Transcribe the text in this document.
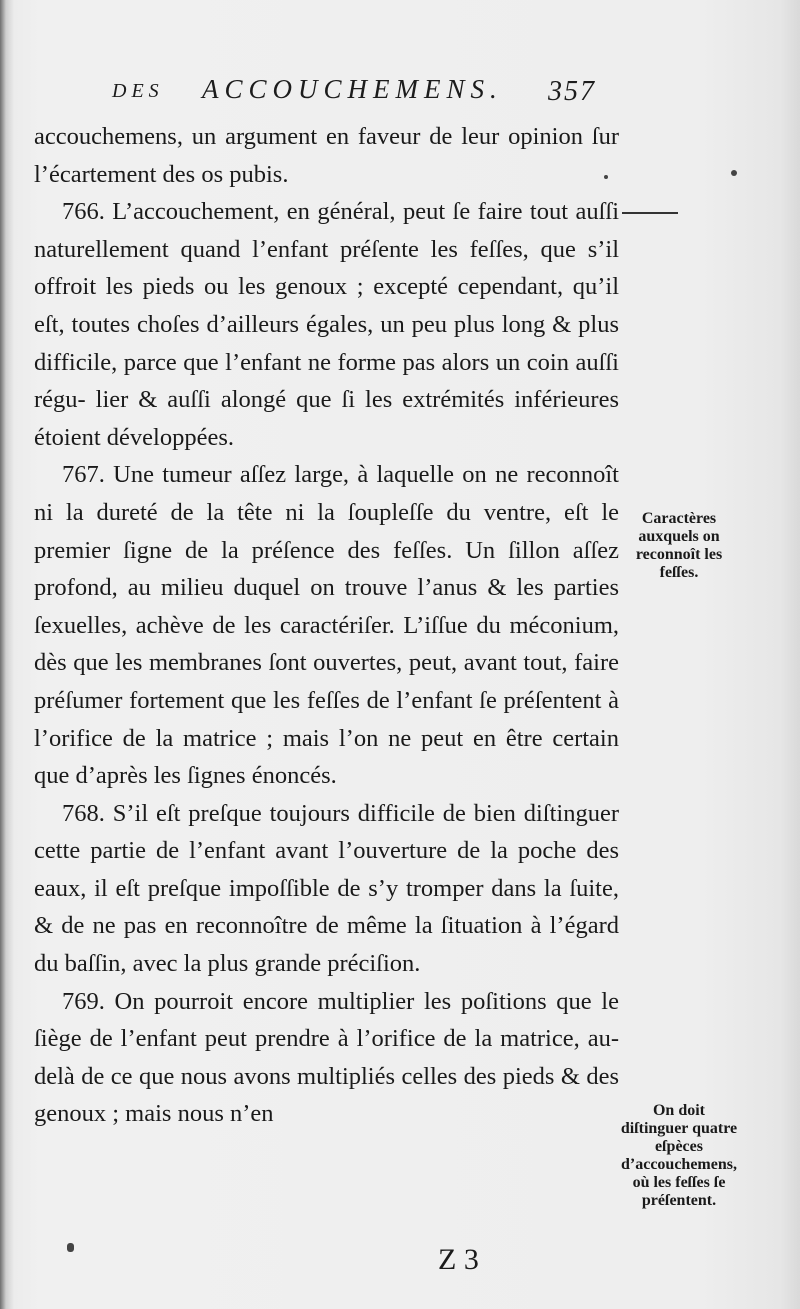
DES ACCOUCHEMENS. 357

accouchemens, un argument en faveur de leur opinion ſur l’écartement des os pubis.

766. L’accouchement, en général, peut ſe faire tout auſſi naturellement quand l’enfant préſente les feſſes, que s’il offroit les pieds ou les genoux ; excepté cependant, qu’il eſt, toutes choſes d’ailleurs égales, un peu plus long & plus difficile, parce que l’enfant ne forme pas alors un coin auſſi régu- lier & auſſi alongé que ſi les extrémités inférieures étoient développées.

767. Une tumeur aſſez large, à laquelle on ne reconnoît ni la dureté de la tête ni la ſoupleſſe du ventre, eſt le premier ſigne de la préſence des feſſes. Un ſillon aſſez profond, au milieu duquel on trouve l’anus & les parties ſexuelles, achève de les caractériſer. L’iſſue du méconium, dès que les membranes ſont ouvertes, peut, avant tout, faire préſumer fortement que les feſſes de l’enfant ſe préſentent à l’orifice de la matrice ; mais l’on ne peut en être certain que d’après les ſignes énoncés.

768. S’il eſt preſque toujours difficile de bien diſtinguer cette partie de l’enfant avant l’ouverture de la poche des eaux, il eſt preſque impoſſible de s’y tromper dans la ſuite, & de ne pas en reconnoître de même la ſituation à l’égard du baſſin, avec la plus grande préciſion.

769. On pourroit encore multiplier les poſitions que le ſiège de l’enfant peut prendre à l’orifice de la matrice, au-delà de ce que nous avons multipliés celles des pieds & des genoux ; mais nous n’en

Caractères auxquels on reconnoît les feſſes.
On doit diſtinguer quatre eſpèces d’accouchemens, où les feſſes ſe préſentent.
Z 3
